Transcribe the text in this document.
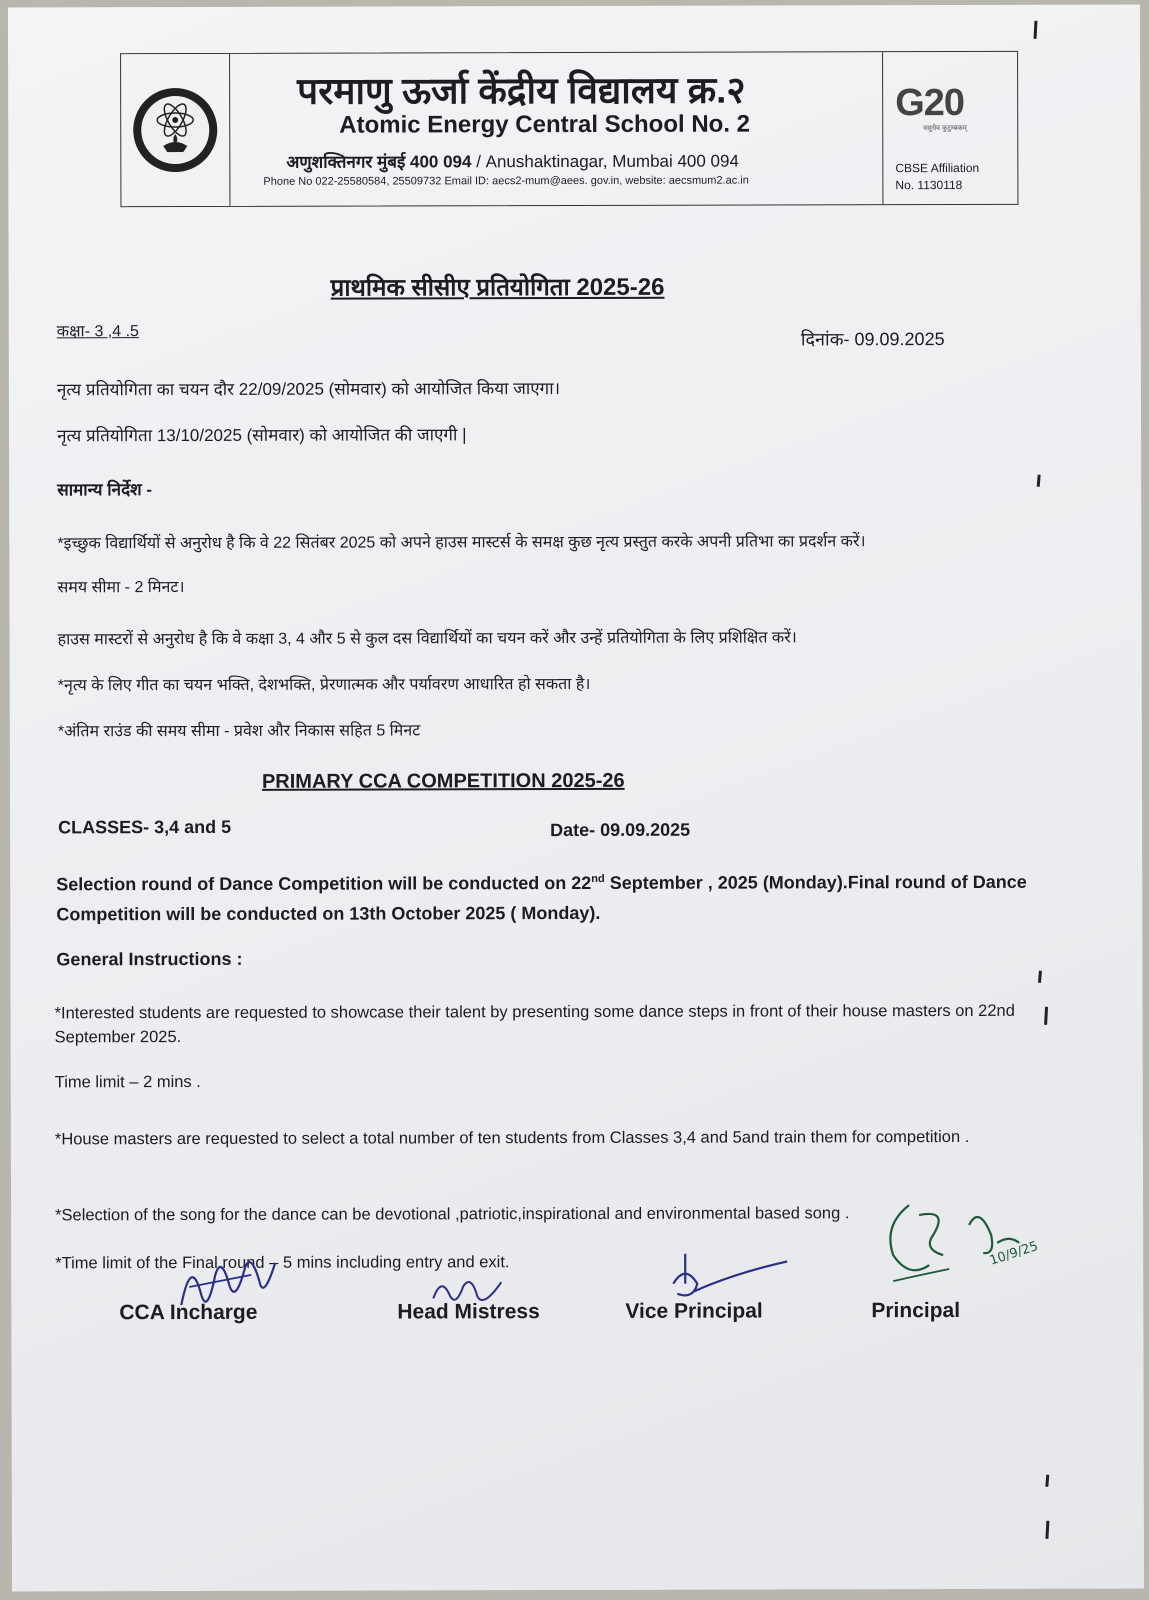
परमाणु ऊर्जा केंद्रीय विद्यालय क्र.२
Atomic Energy Central School No. 2
अणुशक्तिनगर मुंबई 400 094 / Anushaktinagar, Mumbai 400 094
Phone No 022-25580584, 25509732 Email ID: aecs2-mum@aees. gov.in, website: aecsmum2.ac.in
G20
वसुधैव कुटुम्बकम्
CBSE Affiliation
No. 1130118
प्राथमिक सीसीए प्रतियोगिता 2025-26
कक्षा- 3 ,4 .5	दिनांक- 09.09.2025
नृत्य प्रतियोगिता का चयन दौर 22/09/2025 (सोमवार) को आयोजित किया जाएगा।
नृत्य प्रतियोगिता 13/10/2025 (सोमवार) को आयोजित की जाएगी |
सामान्य निर्देश -
*इच्छुक विद्यार्थियों से अनुरोध है कि वे 22 सितंबर 2025 को अपने हाउस मास्टर्स के समक्ष कुछ नृत्य प्रस्तुत करके अपनी प्रतिभा का प्रदर्शन करें।
समय सीमा - 2 मिनट।
हाउस मास्टरों से अनुरोध है कि वे कक्षा 3, 4 और 5 से कुल दस विद्यार्थियों का चयन करें और उन्हें प्रतियोगिता के लिए प्रशिक्षित करें।
*नृत्य के लिए गीत का चयन भक्ति, देशभक्ति, प्रेरणात्मक और पर्यावरण आधारित हो सकता है।
*अंतिम राउंड की समय सीमा - प्रवेश और निकास सहित 5 मिनट
PRIMARY CCA COMPETITION 2025-26
CLASSES- 3,4 and 5	Date- 09.09.2025
Selection round of Dance Competition will be conducted on 22nd September , 2025 (Monday).Final round of Dance Competition will be conducted on 13th October 2025 ( Monday).
General Instructions :
*Interested students are requested to showcase their talent by presenting some dance steps in front of their house masters on 22nd September 2025.
Time limit – 2 mins .
*House masters are requested to select a total number of ten students from Classes 3,4 and 5and train them for competition .
*Selection of the song for the dance can be devotional ,patriotic,inspirational and environmental based song .
*Time limit of the Final round – 5 mins including entry and exit.	10/9/25
CCA Incharge	Head Mistress	Vice Principal	Principal
